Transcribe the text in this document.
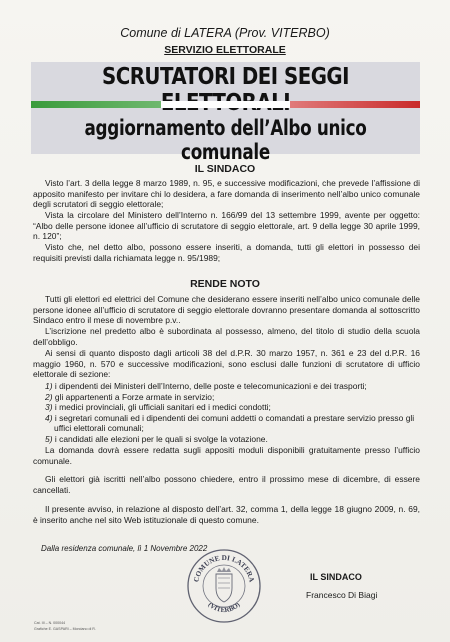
Comune di LATERA (Prov. VITERBO)
SERVIZIO ELETTORALE
SCRUTATORI DEI SEGGI
aggiornamento dell’Albo unico comunale
IL SINDACO
Visto l’art. 3 della legge 8 marzo 1989, n. 95, e successive modificazioni, che prevede l’affissione di apposito manifesto per invitare chi lo desidera, a fare domanda di inserimento nell’albo unico comunale degli scrutatori di seggio elettorale;
Vista la circolare del Ministero dell’Interno n. 166/99 del 13 settembre 1999, avente per oggetto: “Albo delle persone idonee all’ufficio di scrutatore di seggio elettorale, art. 9 della legge 30 aprile 1999, n. 120”;
Visto che, nel detto albo, possono essere inseriti, a domanda, tutti gli elettori in possesso dei requisiti previsti dalla richiamata legge n. 95/1989;
RENDE NOTO
Tutti gli elettori ed elettrici del Comune che desiderano essere inseriti nell’albo unico comunale delle persone idonee all’ufficio di scrutatore di seggio elettorale dovranno presentare domanda al sottoscritto Sindaco entro il mese di novembre p.v..
L’iscrizione nel predetto albo è subordinata al possesso, almeno, del titolo di studio della scuola dell’obbligo.
Ai sensi di quanto disposto dagli articoli 38 del d.P.R. 30 marzo 1957, n. 361 e 23 del d.P.R. 16 maggio 1960, n. 570 e successive modificazioni, sono esclusi dalle funzioni di scrutatore di ufficio elettorale di sezione:
1) i dipendenti dei Ministeri dell’Interno, delle poste e telecomunicazioni e dei trasporti;
2) gli appartenenti a Forze armate in servizio;
3) i medici provinciali, gli ufficiali sanitari ed i medici condotti;
4) i segretari comunali ed i dipendenti dei comuni addetti o comandati a prestare servizio presso gli uffici elettorali comunali;
5) i candidati alle elezioni per le quali si svolge la votazione.
La domanda dovrà essere redatta sugli appositi moduli disponibili gratuitamente presso l’ufficio comunale.
Gli elettori già iscritti nell’albo possono chiedere, entro il prossimo mese di dicembre, di essere cancellati.
Il presente avviso, in relazione al disposto dell’art. 32, comma 1, della legge 18 giugno 2009, n. 69, è inserito anche nel sito Web istituzionale di questo comune.
Dalla residenza comunale, lì 1 Novembre 2022
COMUNE DI LATERA
(VITERBO)
IL SINDACO
Francesco Di Biagi
Cat. III – N. 000044
Grafiche E. GASPARI – Morciano di R.
